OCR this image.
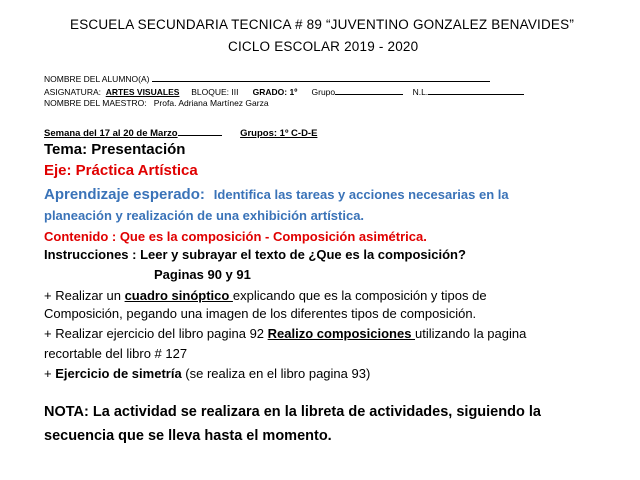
ESCUELA SECUNDARIA TECNICA # 89 “JUVENTINO GONZALEZ BENAVIDES”
CICLO ESCOLAR 2019 - 2020
NOMBRE DEL ALUMNO(A)
ASIGNATURA: ARTES VISUALES BLOQUE: III GRADO: 1º Grupo	N.L.
NOMBRE DEL MAESTRO: Profa. Adriana Martínez Garza
Semana del 17 al 20 de Marzo	Grupos: 1º C-D-E
Tema: Presentación
Eje: Práctica Artística
Aprendizaje esperado: Identifica las tareas y acciones necesarias en la
planeación y realización de una exhibición artística.
Contenido : Que es la composición - Composición asimétrica.
Instrucciones : Leer y subrayar el texto de ¿Que es la composición?
Paginas 90 y 91
+ Realizar un cuadro sinóptico explicando que es la composición y tipos de
Composición, pegando una imagen de los diferentes tipos de composición.
+ Realizar ejercicio del libro pagina 92 Realizo composiciones utilizando la pagina
recortable del libro # 127
+ Ejercicio de simetría (se realiza en el libro pagina 93)
NOTA: La actividad se realizara en la libreta de actividades, siguiendo la
secuencia que se lleva hasta el momento.
